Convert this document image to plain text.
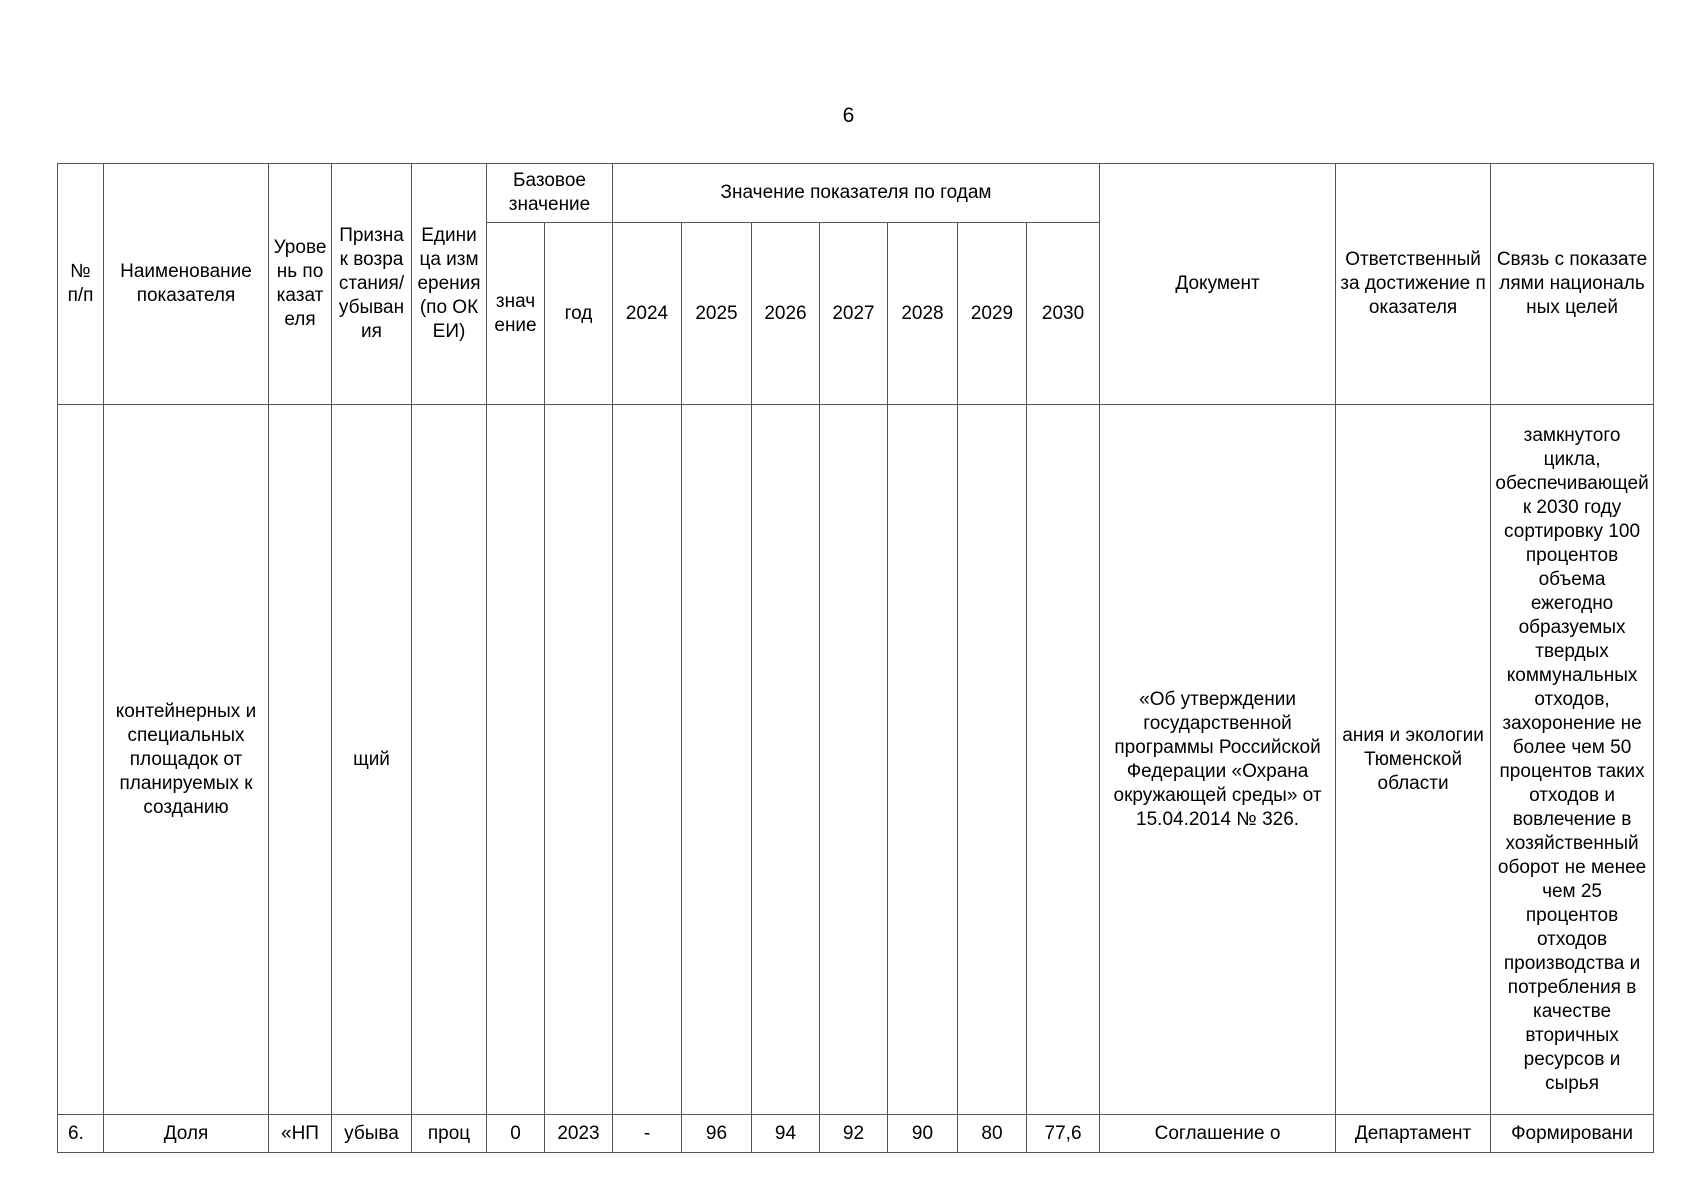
6
№ п/п	Наименование показателя	Уровень показателя	Признак возрастания/ убывания	Единица измерения (по ОКЕИ)	Базовое значение		Значение показателя по годам							Документ	Ответственный за достижение показателя	Связь с показателями национальных целей
					значение	год	2024	2025	2026	2027	2028	2029	2030			
	контейнерных и специальных площадок от планируемых к созданию		щий											«Об утверждении государственной программы Российской Федерации «Охрана окружающей среды» от 15.04.2014 № 326.	ания и экологии Тюменской области	замкнутого цикла, обеспечивающей к 2030 году сортировку 100 процентов объема ежегодно образуемых твердых коммунальных отходов, захоронение не более чем 50 процентов таких отходов и вовлечение в хозяйственный оборот не менее чем 25 процентов отходов производства и потребления в качестве вторичных ресурсов и сырья
6.	Доля	«НП	убыва	проц	0	2023	-	96	94	92	90	80	77,6	Соглашение о	Департамент	Формировани
